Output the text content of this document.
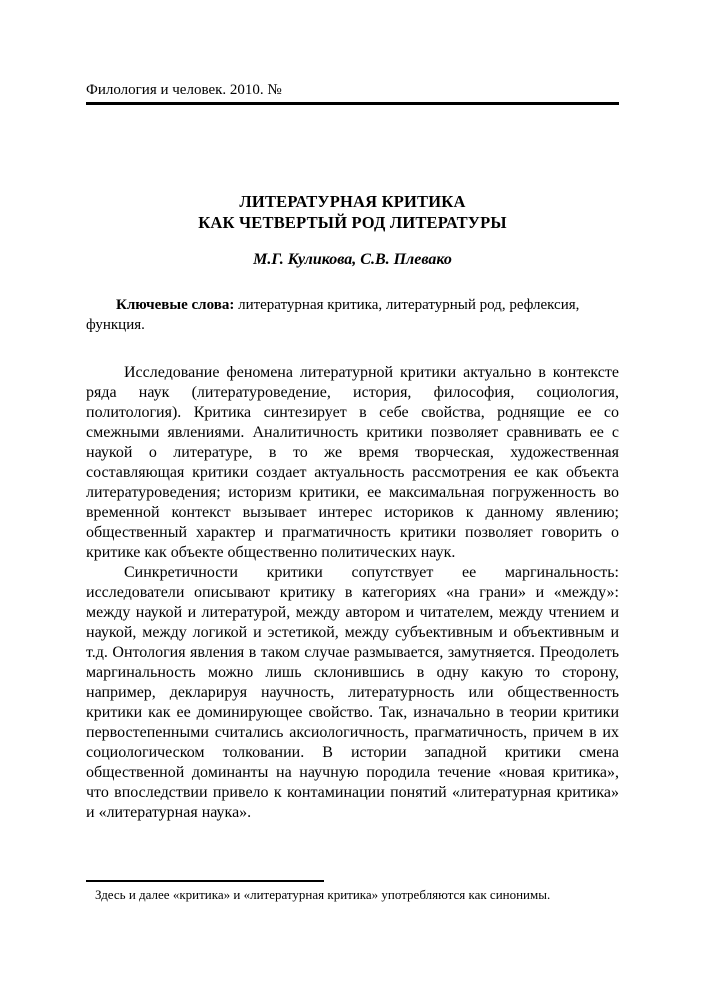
Филология и человек. 2010. №
ЛИТЕРАТУРНАЯ КРИТИКА
КАК ЧЕТВЕРТЫЙ РОД ЛИТЕРАТУРЫ
М.Г. Куликова, С.В. Плевако
Ключевые слова: литературная критика, литературный род, рефлексия, функция.

Исследование феномена литературной критики актуально в контексте ряда наук (литературоведение, история, философия, социология, политология). Критика синтезирует в себе свойства, роднящие ее со смежными явлениями. Аналитичность критики позволяет сравнивать ее с наукой о литературе, в то же время творческая, художественная составляющая критики создает актуальность рассмотрения ее как объекта литературоведения; историзм критики, ее максимальная погруженность во временной контекст вызывает интерес историков к данному явлению; общественный характер и прагматичность критики позволяет говорить о критике как объекте общественно политических наук.

Синкретичности критики сопутствует ее маргинальность: исследователи описывают критику в категориях «на грани» и «между»: между наукой и литературой, между автором и читателем, между чтением и наукой, между логикой и эстетикой, между субъективным и объективным и т.д. Онтология явления в таком случае размывается, замутняется. Преодолеть маргинальность можно лишь склонившись в одну какую то сторону, например, декларируя научность, литературность или общественность критики как ее доминирующее свойство. Так, изначально в теории критики первостепенными считались аксиологичность, прагматичность, причем в их социологическом толковании. В истории западной критики смена общественной доминанты на научную породила течение «новая критика», что впоследствии привело к контаминации понятий «литературная критика» и «литературная наука».

Здесь и далее «критика» и «литературная критика» употребляются как синонимы.
